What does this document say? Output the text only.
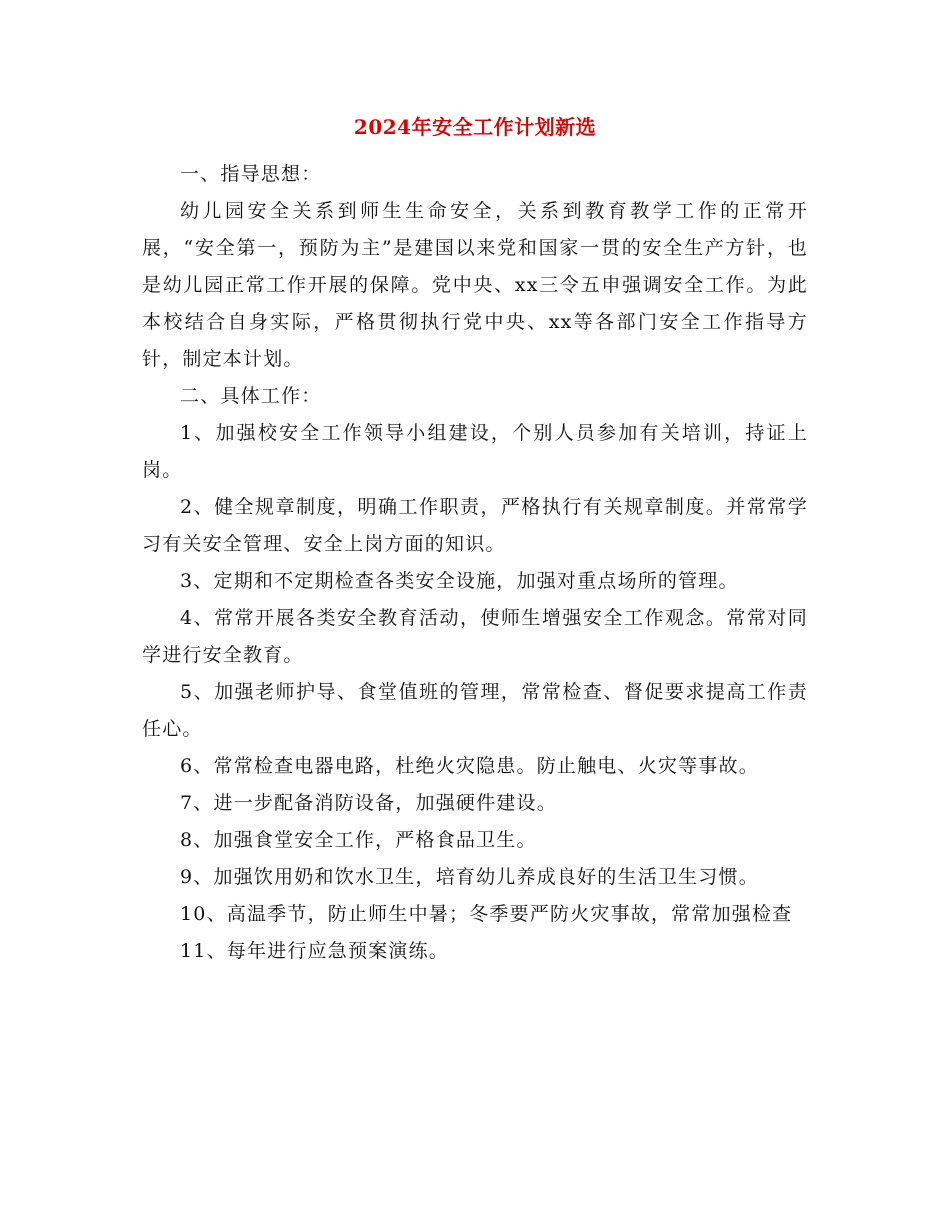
2024年安全工作计划新选

一、指导思想：

幼儿园安全关系到师生生命安全，关系到教育教学工作的正常开展，“安全第一，预防为主”是建国以来党和国家一贯的安全生产方针，也是幼儿园正常工作开展的保障。党中央、xx三令五申强调安全工作。为此本校结合自身实际，严格贯彻执行党中央、xx等各部门安全工作指导方针，制定本计划。

二、具体工作：

1、加强校安全工作领导小组建设，个别人员参加有关培训，持证上岗。

2、健全规章制度，明确工作职责，严格执行有关规章制度。并常常学习有关安全管理、安全上岗方面的知识。

3、定期和不定期检查各类安全设施，加强对重点场所的管理。

4、常常开展各类安全教育活动，使师生增强安全工作观念。常常对同学进行安全教育。

5、加强老师护导、食堂值班的管理，常常检查、督促要求提高工作责任心。

6、常常检查电器电路，杜绝火灾隐患。防止触电、火灾等事故。

7、进一步配备消防设备，加强硬件建设。

8、加强食堂安全工作，严格食品卫生。

9、加强饮用奶和饮水卫生，培育幼儿养成良好的生活卫生习惯。

10、高温季节，防止师生中暑；冬季要严防火灾事故，常常加强检查

11、每年进行应急预案演练。
